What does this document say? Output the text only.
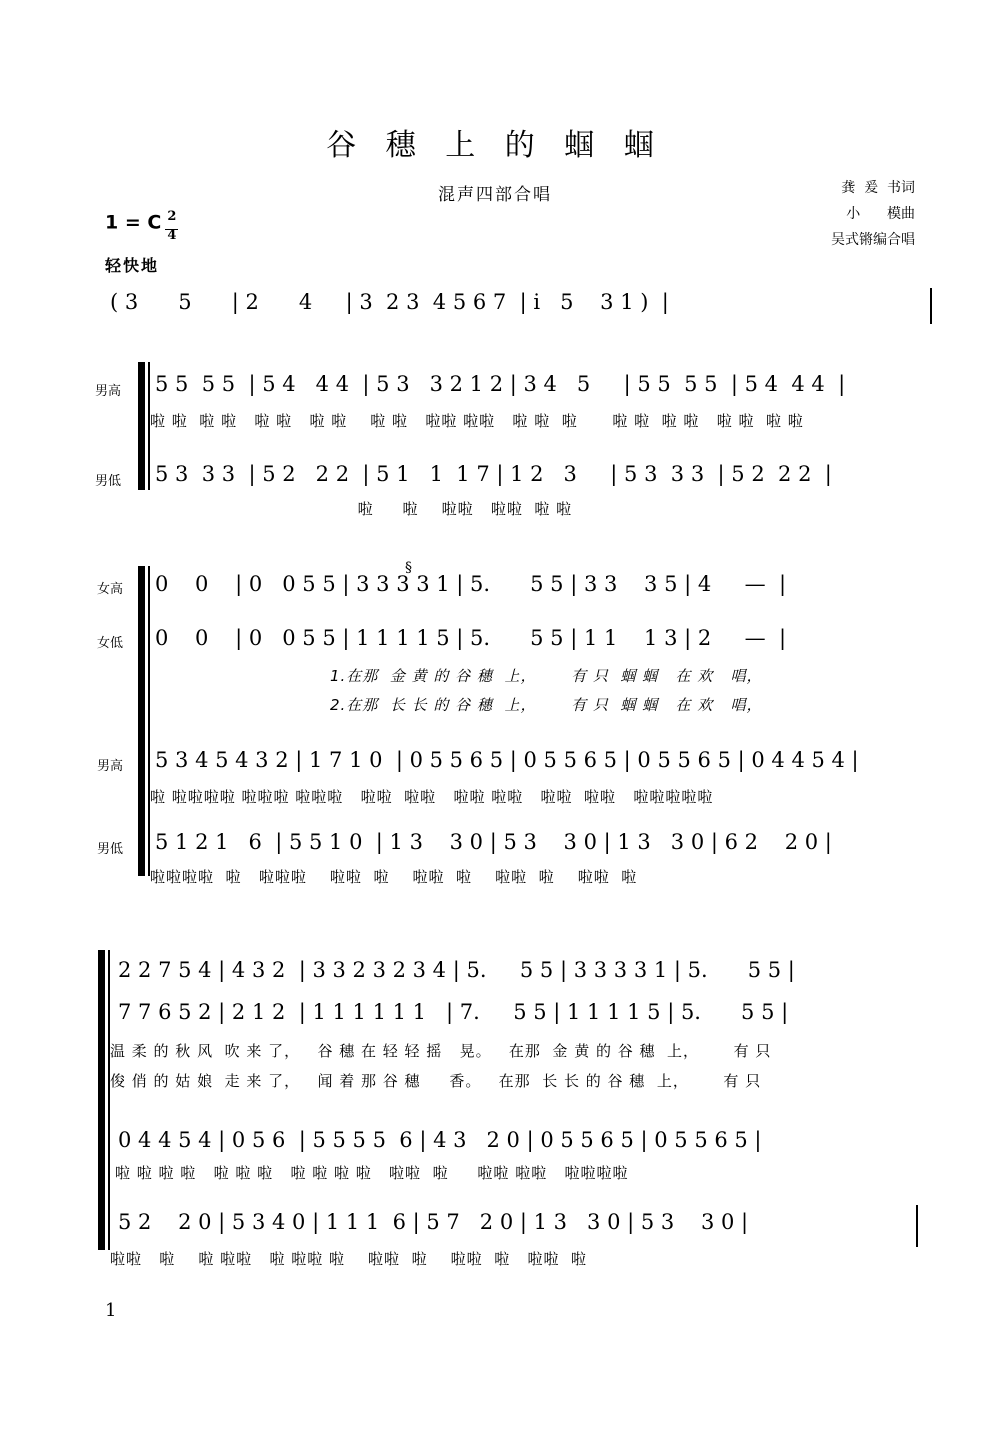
谷 穗 上 的 蝈 蝈
混声四部合唱	龚  爰  书词
小      模曲
吴式锵编合唱
1 = C $\frac{2}{4}$
轻快地
( 3      5      | 2      4     | 3  2 3  4 5 6 7  | i   5    3 1 )  |
男高 5 5  5 5  | 5 4   4 4  | 5 3   3 2 1 2 | 3 4   5     | 5 5  5 5  | 5 4  4 4  |
啦 啦  啦 啦   啦 啦   啦 啦    啦 啦   啦啦 啦啦   啦 啦  啦      啦 啦  啦 啦   啦 啦  啦 啦
男低 5 3  3 3  | 5 2   2 2  | 5 1   1  1 7 | 1 2   3     | 5 3  3 3  | 5 2  2 2  |
啦     啦    啦啦   啦啦  啦 啦
§
女高 0    0    | 0   0 5 5 | 3 3 3 3 1 | 5.      5 5 | 3 3    3 5 | 4     —  |
女低 0    0    | 0   0 5 5 | 1 1 1 1 5 | 5.      5 5 | 1 1    1 3 | 2     —  |
1.在那  金 黄 的 谷 穗  上，      有 只  蝈 蝈   在 欢   唱，
2.在那  长 长 的 谷 穗  上，      有 只  蝈 蝈   在 欢   唱，
男高 5 3 4 5 4 3 2 | 1 7 1 0  | 0 5 5 6 5 | 0 5 5 6 5 | 0 5 5 6 5 | 0 4 4 5 4 |
啦 啦啦啦啦 啦啦啦 啦啦啦   啦啦  啦啦   啦啦 啦啦   啦啦  啦啦   啦啦啦啦啦
男低 5 1 2 1   6  | 5 5 1 0  | 1 3    3 0 | 5 3    3 0 | 1 3   3 0 | 6 2    2 0 |
啦啦啦啦  啦   啦啦啦    啦啦  啦    啦啦  啦    啦啦  啦    啦啦  啦
2 2 7 5 4 | 4 3 2  | 3 3 2 3 2 3 4 | 5.     5 5 | 3 3 3 3 1 | 5.      5 5 |
7 7 6 5 2 | 2 1 2  | 1 1 1 1 1 1   | 7.     5 5 | 1 1 1 1 5 | 5.      5 5 |
温 柔 的 秋 风  吹 来 了，   谷 穗 在 轻 轻 摇   晃。   在那  金 黄 的 谷 穗  上，      有 只
俊 俏 的 姑 娘  走 来 了，   闻 着 那 谷 穗     香。   在那  长 长 的 谷 穗  上，      有 只
0 4 4 5 4 | 0 5 6  | 5 5 5 5  6 | 4 3   2 0 | 0 5 5 6 5 | 0 5 5 6 5 |
啦 啦 啦 啦   啦 啦 啦   啦 啦 啦 啦   啦啦  啦     啦啦 啦啦   啦啦啦啦
5 2    2 0 | 5 3 4 0 | 1 1 1  6 | 5 7   2 0 | 1 3   3 0 | 5 3    3 0 |
啦啦   啦    啦 啦啦   啦 啦啦 啦    啦啦  啦    啦啦  啦   啦啦  啦
1
